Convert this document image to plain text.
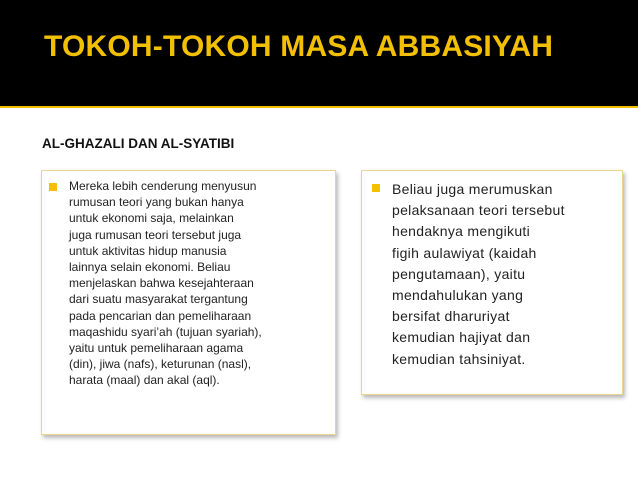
TOKOH-TOKOH MASA ABBASIYAH
AL-GHAZALI DAN AL-SYATIBI

Mereka lebih cenderung menyusun
rumusan teori yang bukan hanya
untuk ekonomi saja, melainkan
juga rumusan teori tersebut juga
untuk aktivitas hidup manusia
lainnya selain ekonomi. Beliau
menjelaskan bahwa kesejahteraan
dari suatu masyarakat tergantung
pada pencarian dan pemeliharaan
maqashidu syari’ah (tujuan syariah),
yaitu untuk pemeliharaan agama
(din), jiwa (nafs), keturunan (nasl),
harata (maal) dan akal (aql).

Beliau juga merumuskan
pelaksanaan teori tersebut
hendaknya mengikuti
figih aulawiyat (kaidah
pengutamaan), yaitu
mendahulukan yang
bersifat dharuriyat
kemudian hajiyat dan
kemudian tahsiniyat.
